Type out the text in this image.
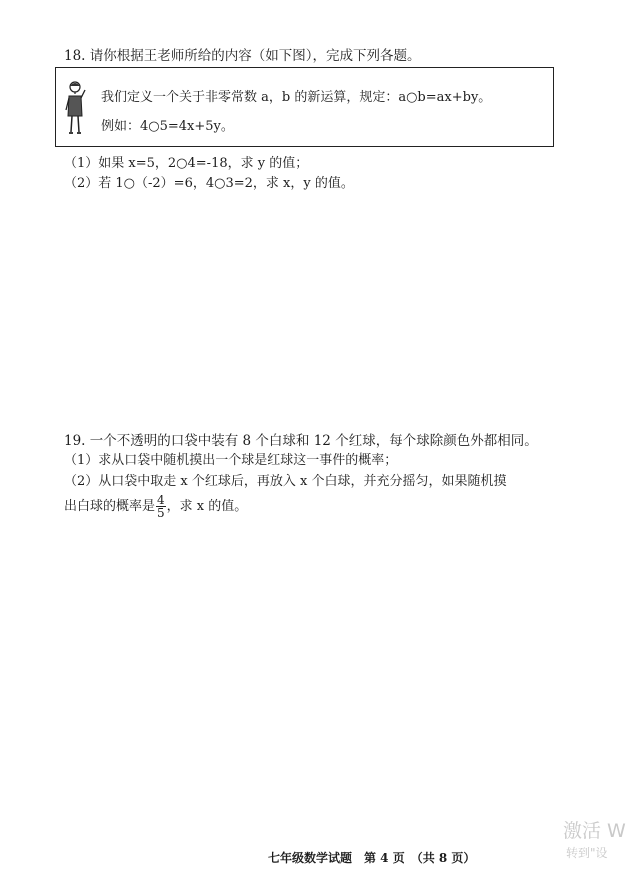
18. 请你根据王老师所给的内容（如下图），完成下列各题。
我们定义一个关于非零常数 a，b 的新运算，规定：a○b=ax+by。
例如：4○5=4x+5y。
（1）如果 x=5，2○4=-18，求 y 的值；
（2）若 1○（-2）=6，4○3=2，求 x，y 的值。
19. 一个不透明的口袋中装有 8 个白球和 12 个红球，每个球除颜色外都相同。
（1）求从口袋中随机摸出一个球是红球这一事件的概率；
（2）从口袋中取走 x 个红球后，再放入 x 个白球，并充分摇匀，如果随机摸
出白球的概率是 $\frac{4}{5}$ ，求 x 的值。
激活 W
转到"设
七年级数学试题　第 4 页　（共 8 页）
